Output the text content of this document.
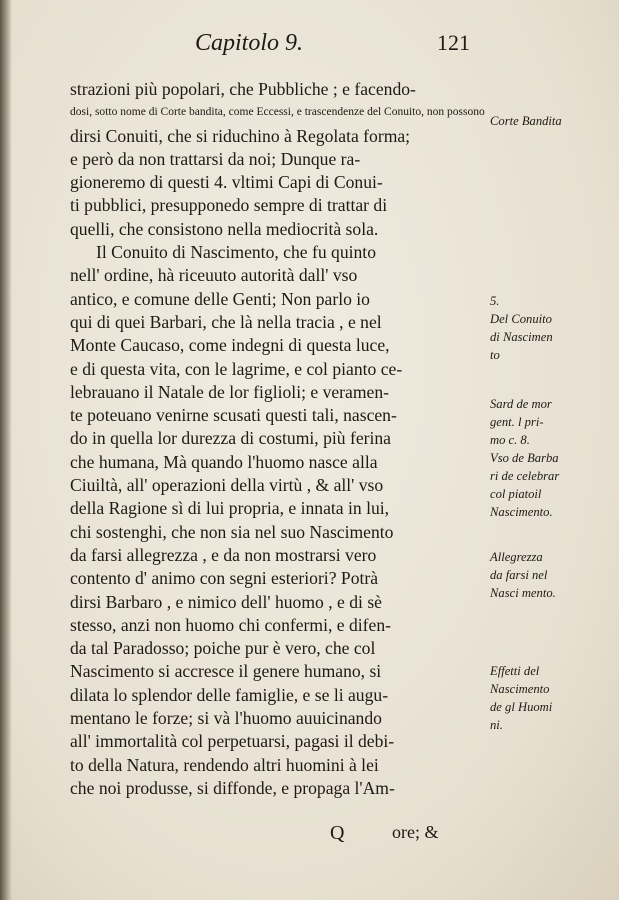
Capitolo 9.	121
strazioni più popolari, che Pubbliche ; e facendo-
dosi, sotto nome di Corte bandita, come Eccessi, e trascendenze del Conuito, non possono
dirsi Conuiti, che si riduchino à Regolata forma;
e però da non trattarsi da noi; Dunque ra-
gioneremo di questi 4. vltimi Capi di Conui-
ti pubblici, presupponedo sempre di trattar di
quelli, che consistono nella mediocrità sola.
Il Conuito di Nascimento, che fu quinto
nell' ordine, hà riceuuto autorità dall' vso
antico, e comune delle Genti; Non parlo io
qui di quei Barbari, che là nella tracia , e nel
Monte Caucaso, come indegni di questa luce,
e di questa vita, con le lagrime, e col pianto ce-
lebrauano il Natale de lor figlioli; e veramen-
te poteuano venirne scusati questi tali, nascen-
do in quella lor durezza di costumi, più ferina
che humana, Mà quando l'huomo nasce alla
Ciuiltà, all' operazioni della virtù , & all' vso
della Ragione sì di lui propria, e innata in lui,
chi sostenghi, che non sia nel suo Nascimento
da farsi allegrezza , e da non mostrarsi vero
contento d' animo con segni esteriori? Potrà
dirsi Barbaro , e nimico dell' huomo , e di sè
stesso, anzi non huomo chi confermi, e difen-
da tal Paradosso; poiche pur è vero, che col
Nascimento si accresce il genere humano, si
dilata lo splendor delle famiglie, e se li augu-
mentano le forze; si và l'huomo auuicinando
all' immortalità col perpetuarsi, pagasi il debi-
to della Natura, rendendo altri huomini à lei
che noi produsse, si diffonde, e propaga l'Am-
Corte Bandita
5.
Del Conuito
di Nascimen
to
Sard de mor
gent. l pri-
mo c. 8.
Vso de Barba
ri de celebrar
col piatoil
Nascimento.
Allegrezza
da farsi nel
Nasci mento.
Effetti del
Nascimento
de gl Huomi
ni.
Q	ore; &
